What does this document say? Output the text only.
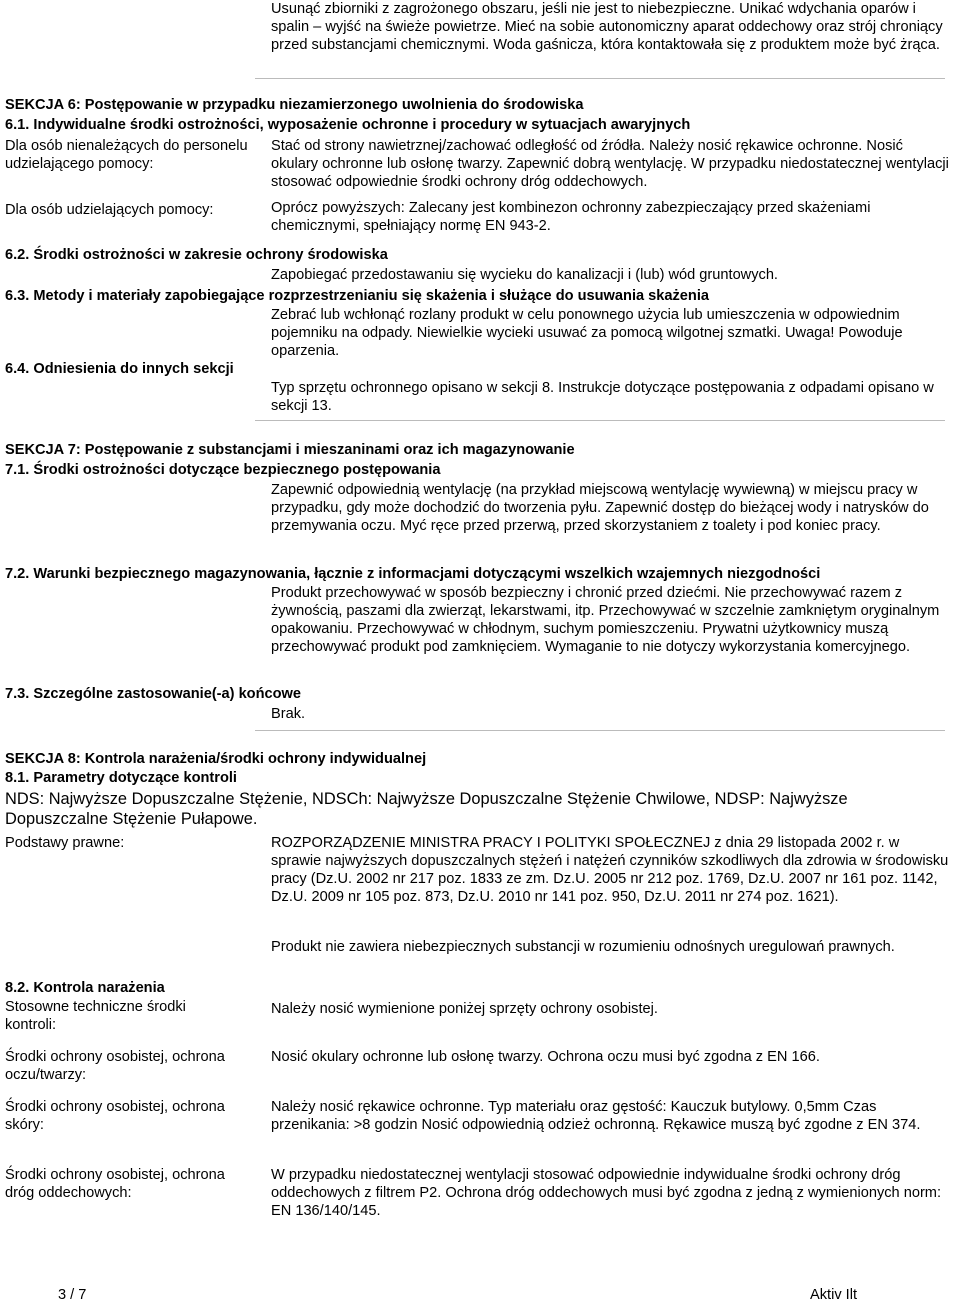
Usunąć zbiorniki z zagrożonego obszaru, jeśli nie jest to niebezpieczne. Unikać wdychania oparów i spalin – wyjść na świeże powietrze. Mieć na sobie autonomiczny aparat oddechowy oraz strój chroniący przed substancjami chemicznymi. Woda gaśnicza, która kontaktowała się z produktem może być żrąca.
SEKCJA 6: Postępowanie w przypadku niezamierzonego uwolnienia do środowiska
6.1. Indywidualne środki ostrożności, wyposażenie ochronne i procedury w sytuacjach awaryjnych
Dla osób nienależących do personelu udzielającego pomocy:
Stać od strony nawietrznej/zachować odległość od źródła. Należy nosić rękawice ochronne. Nosić okulary ochronne lub osłonę twarzy. Zapewnić dobrą wentylację. W przypadku niedostatecznej wentylacji stosować odpowiednie środki ochrony dróg oddechowych.
Dla osób udzielających pomocy:	Oprócz powyższych: Zalecany jest kombinezon ochronny zabezpieczający przed skażeniami chemicznymi, spełniający normę EN 943-2.
6.2. Środki ostrożności w zakresie ochrony środowiska
Zapobiegać przedostawaniu się wycieku do kanalizacji i (lub) wód gruntowych.
6.3. Metody i materiały zapobiegające rozprzestrzenianiu się skażenia i służące do usuwania skażenia
Zebrać lub wchłonąć rozlany produkt w celu ponownego użycia lub umieszczenia w odpowiednim pojemniku na odpady. Niewielkie wycieki usuwać za pomocą wilgotnej szmatki. Uwaga! Powoduje oparzenia.
6.4. Odniesienia do innych sekcji
Typ sprzętu ochronnego opisano w sekcji 8. Instrukcje dotyczące postępowania z odpadami opisano w sekcji 13.
SEKCJA 7: Postępowanie z substancjami i mieszaninami oraz ich magazynowanie
7.1. Środki ostrożności dotyczące bezpiecznego postępowania
Zapewnić odpowiednią wentylację (na przykład miejscową wentylację wywiewną) w miejscu pracy w przypadku, gdy może dochodzić do tworzenia pyłu. Zapewnić dostęp do bieżącej wody i natrysków do przemywania oczu. Myć ręce przed przerwą, przed skorzystaniem z toalety i pod koniec pracy.
7.2. Warunki bezpiecznego magazynowania, łącznie z informacjami dotyczącymi wszelkich wzajemnych niezgodności
Produkt przechowywać w sposób bezpieczny i chronić przed dziećmi. Nie przechowywać razem z żywnością, paszami dla zwierząt, lekarstwami, itp. Przechowywać w szczelnie zamkniętym oryginalnym opakowaniu. Przechowywać w chłodnym, suchym pomieszczeniu. Prywatni użytkownicy muszą przechowywać produkt pod zamknięciem. Wymaganie to nie dotyczy wykorzystania komercyjnego.
7.3. Szczególne zastosowanie(-a) końcowe
Brak.
SEKCJA 8: Kontrola narażenia/środki ochrony indywidualnej
8.1. Parametry dotyczące kontroli
NDS: Najwyższe Dopuszczalne Stężenie, NDSCh: Najwyższe Dopuszczalne Stężenie Chwilowe, NDSP: Najwyższe Dopuszczalne Stężenie Pułapowe.
Podstawy prawne:	ROZPORZĄDZENIE MINISTRA PRACY I POLITYKI SPOŁECZNEJ z dnia 29 listopada 2002 r. w sprawie najwyższych dopuszczalnych stężeń i natężeń czynników szkodliwych dla zdrowia w środowisku pracy (Dz.U. 2002 nr 217 poz. 1833 ze zm. Dz.U. 2005 nr 212 poz. 1769, Dz.U. 2007 nr 161 poz. 1142, Dz.U. 2009 nr 105 poz. 873, Dz.U. 2010 nr 141 poz. 950, Dz.U. 2011 nr 274 poz. 1621).
Produkt nie zawiera niebezpiecznych substancji w rozumieniu odnośnych uregulowań prawnych.
8.2. Kontrola narażenia
Stosowne techniczne środki kontroli:
Należy nosić wymienione poniżej sprzęty ochrony osobistej.
Środki ochrony osobistej, ochrona oczu/twarzy:
Nosić okulary ochronne lub osłonę twarzy. Ochrona oczu musi być zgodna z EN 166.
Środki ochrony osobistej, ochrona skóry:
Należy nosić rękawice ochronne. Typ materiału oraz gęstość: Kauczuk butylowy. 0,5mm Czas przenikania: >8 godzin Nosić odpowiednią odzież ochronną. Rękawice muszą być zgodne z EN 374.
Środki ochrony osobistej, ochrona dróg oddechowych:
W przypadku niedostatecznej wentylacji stosować odpowiednie indywidualne środki ochrony dróg oddechowych z filtrem P2. Ochrona dróg oddechowych musi być zgodna z jedną z wymienionych norm: EN 136/140/145.
3 / 7	Aktiv Ilt
